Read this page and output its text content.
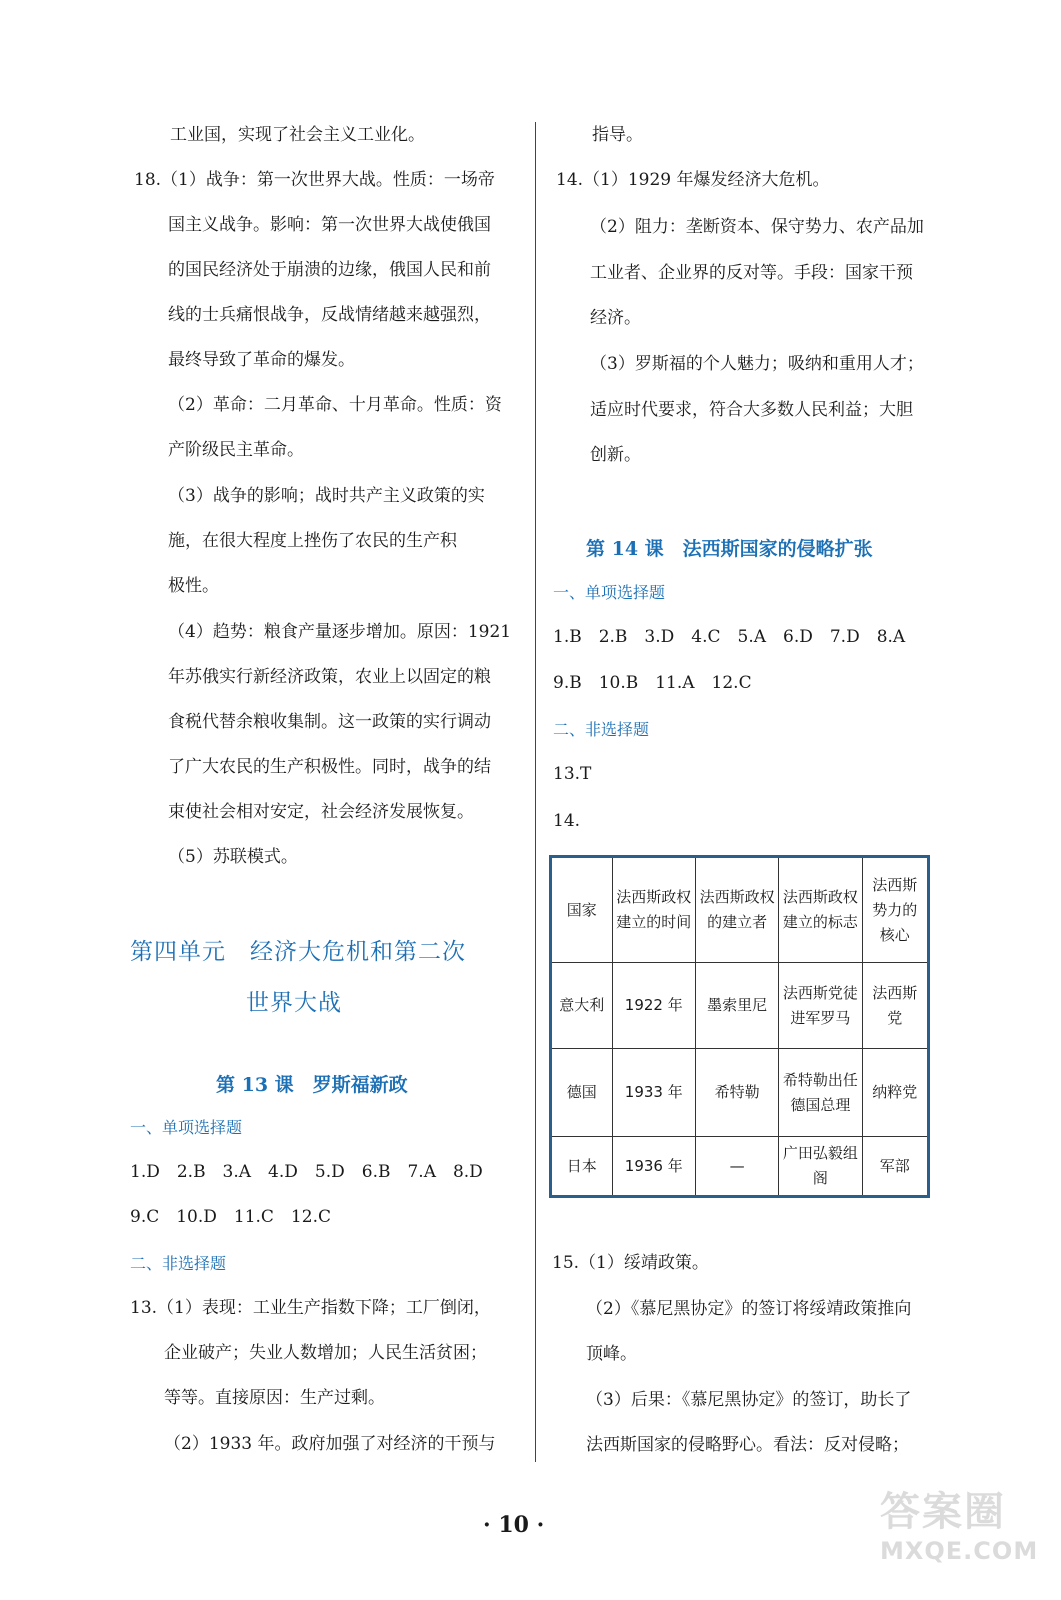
工业国，实现了社会主义工业化。
18.（1）战争：第一次世界大战。性质：一场帝
国主义战争。影响：第一次世界大战使俄国
的国民经济处于崩溃的边缘，俄国人民和前
线的士兵痛恨战争，反战情绪越来越强烈，
最终导致了革命的爆发。
（2）革命：二月革命、十月革命。性质：资
产阶级民主革命。
（3）战争的影响；战时共产主义政策的实
施，在很大程度上挫伤了农民的生产积
极性。
（4）趋势：粮食产量逐步增加。原因：1921
年苏俄实行新经济政策，农业上以固定的粮
食税代替余粮收集制。这一政策的实行调动
了广大农民的生产积极性。同时，战争的结
束使社会相对安定，社会经济发展恢复。
（5）苏联模式。
第四单元　经济大危机和第二次
世界大战
第 13 课　罗斯福新政
一、单项选择题
1.D　2.B　3.A　4.D　5.D　6.B　7.A　8.D
9.C　10.D　11.C　12.C
二、非选择题
13.（1）表现：工业生产指数下降；工厂倒闭，
企业破产；失业人数增加；人民生活贫困；
等等。直接原因：生产过剩。
（2）1933 年。政府加强了对经济的干预与
指导。
14.（1）1929 年爆发经济大危机。
（2）阻力：垄断资本、保守势力、农产品加
工业者、企业界的反对等。手段：国家干预
经济。
（3）罗斯福的个人魅力；吸纳和重用人才；
适应时代要求，符合大多数人民利益；大胆
创新。
第 14 课　法西斯国家的侵略扩张
一、单项选择题
1.B　2.B　3.D　4.C　5.A　6.D　7.D　8.A
9.B　10.B　11.A　12.C
二、非选择题
13.T
14.
国家	法西斯政权建立的时间	法西斯政权的建立者	法西斯政权建立的标志	法西斯势力的核心
意大利	1922 年	墨索里尼	法西斯党徒进军罗马	法西斯党
德国	1933 年	希特勒	希特勒出任德国总理	纳粹党
日本	1936 年	—	广田弘毅组阁	军部
15.（1）绥靖政策。
（2）《慕尼黑协定》的签订将绥靖政策推向
顶峰。
（3）后果：《慕尼黑协定》的签订，助长了
法西斯国家的侵略野心。看法：反对侵略；
· 10 ·	答案圈
MXQE.COM
